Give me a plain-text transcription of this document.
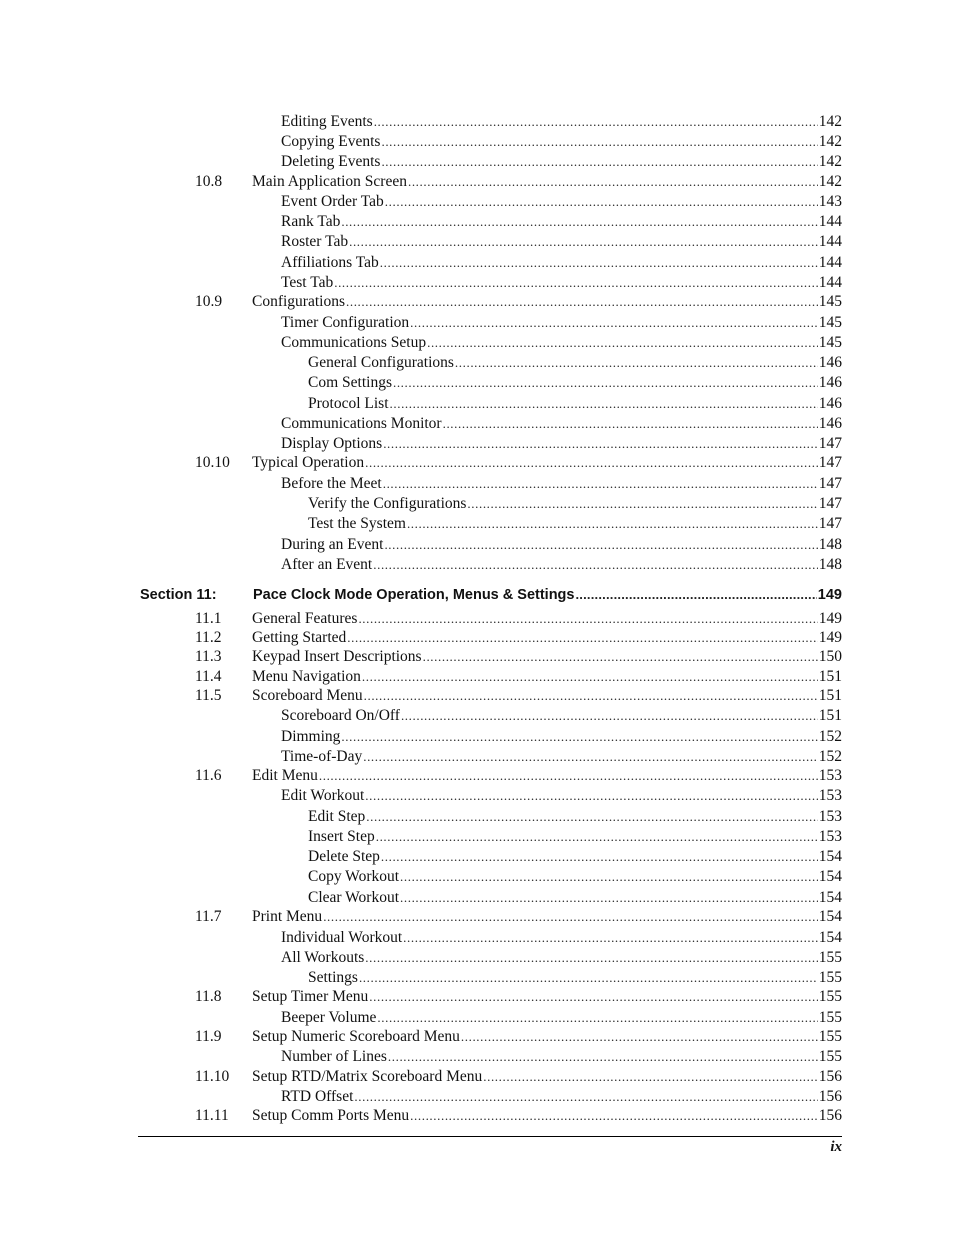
Editing Events .....	142
Copying Events .....	142
Deleting Events .....	142
10.8 Main Application Screen .....	142
Event Order Tab .....	143
Rank Tab .....	144
Roster Tab .....	144
Affiliations Tab .....	144
Test Tab .....	144
10.9 Configurations .....	145
Timer Configuration .....	145
Communications Setup .....	145
General Configurations .....	146
Com Settings .....	146
Protocol List .....	146
Communications Monitor .....	146
Display Options .....	147
10.10 Typical Operation .....	147
Before the Meet .....	147
Verify the Configurations .....	147
Test the System .....	147
During an Event .....	148
After an Event .....	148
Section 11:	Pace Clock Mode Operation, Menus & Settings .....	149
11.1 General Features .....	149
11.2 Getting Started .....	149
11.3 Keypad Insert Descriptions .....	150
11.4 Menu Navigation .....	151
11.5 Scoreboard Menu .....	151
Scoreboard On/Off .....	151
Dimming .....	152
Time-of-Day .....	152
11.6 Edit Menu .....	153
Edit Workout .....	153
Edit Step .....	153
Insert Step .....	153
Delete Step .....	154
Copy Workout .....	154
Clear Workout .....	154
11.7 Print Menu .....	154
Individual Workout .....	154
All Workouts .....	155
Settings .....	155
11.8 Setup Timer Menu .....	155
Beeper Volume .....	155
11.9 Setup Numeric Scoreboard Menu .....	155
Number of Lines .....	155
11.10 Setup RTD/Matrix Scoreboard Menu .....	156
RTD Offset .....	156
11.11 Setup Comm Ports Menu .....	156
ix
